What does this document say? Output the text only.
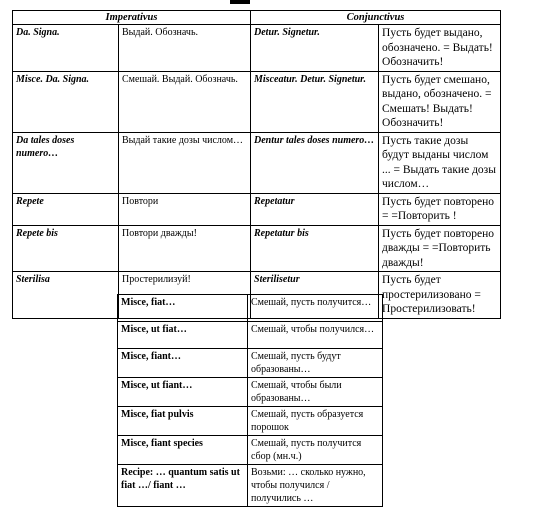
Imperativus		Conjunctivus	
Da. Signa.	Выдай. Обозначь.	Detur. Signetur.	Пусть будет выдано, обозначено. = Выдать! Обозначить!
Misce. Da. Signa.	Смешай. Выдай. Обозначь.	Misceatur. Detur. Signetur.	Пусть будет смешано, выдано, обозначено. = Смешать! Выдать! Обозначить!
Da tales doses numero…	Выдай такие дозы числом…	Dentur tales doses numero…	Пусть такие дозы будут выданы числом ... = Выдать такие дозы числом…
Repete	Повтори	Repetatur	Пусть будет повторено = =Повторить !
Repete bis	Повтори дважды!	Repetatur bis	Пусть будет повторено дважды = =Повторить дважды!
Sterilisa	Простерилизуй!	Sterilisetur	Пусть будет простерилизовано = Простерилизовать!
Misce, fiat…	Смешай, пусть получится…
Misce, ut fiat…	Смешай, чтобы получился…
Misce, fiant…	Смешай, пусть будут образованы…
Misce, ut fiant…	Смешай, чтобы были образованы…
Misce, fiat pulvis	Смешай, пусть образуется порошок
Misce, fiant species	Смешай, пусть получится сбор (мн.ч.)
Recipe: … quantum satis ut fiat …/ fiant …	Возьми: … сколько нужно, чтобы получился / получились …
